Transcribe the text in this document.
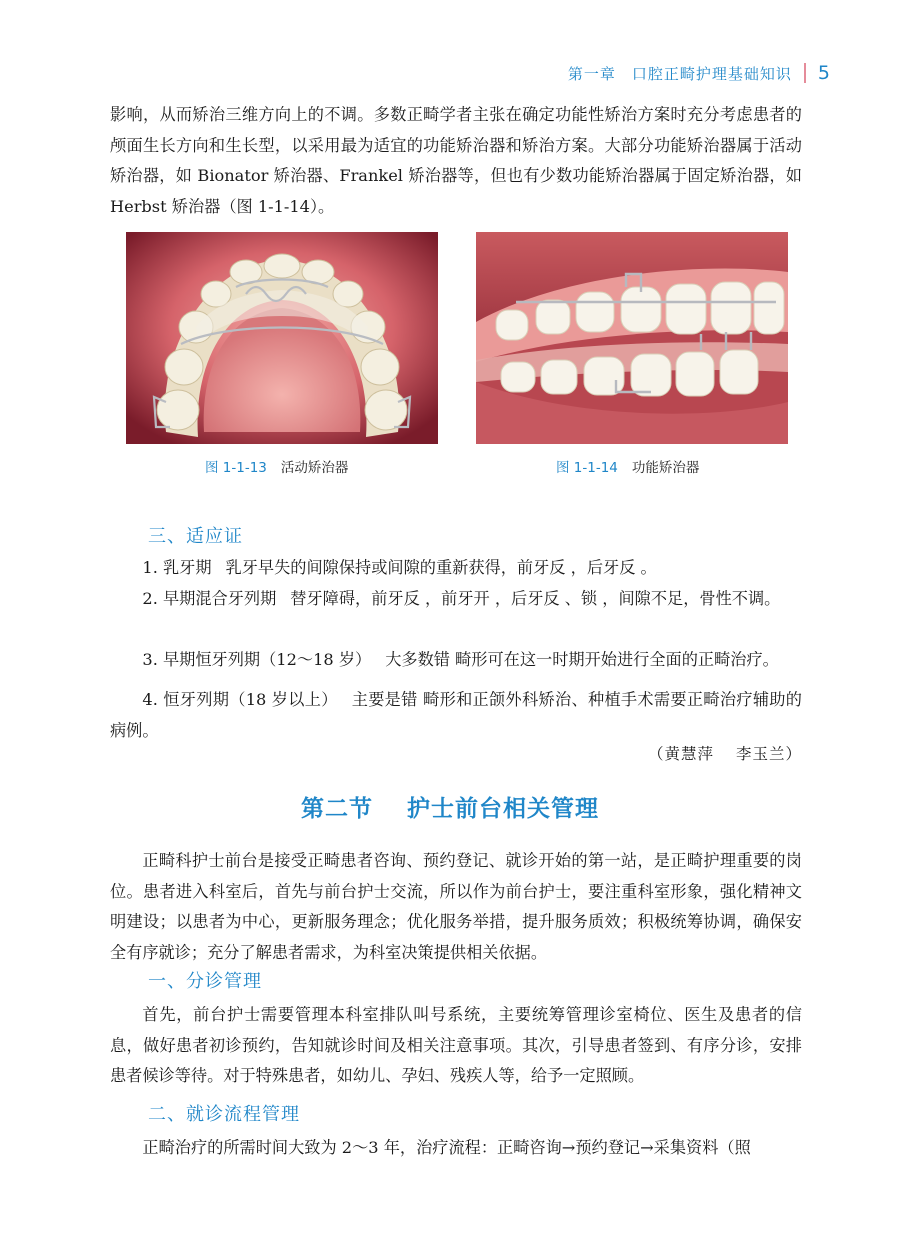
第一章　口腔正畸护理基础知识 5

影响，从而矫治三维方向上的不调。多数正畸学者主张在确定功能性矫治方案时充分考虑患者的颅面生长方向和生长型，以采用最为适宜的功能矫治器和矫治方案。大部分功能矫治器属于活动矫治器，如 Bionator 矫治器、Frankel 矫治器等，但也有少数功能矫治器属于固定矫治器，如 Herbst 矫治器（图 1-1-14）。

图 1-1-13 活动矫治器	图 1-1-14 功能矫治器
三、适应证

1. 乳牙期 乳牙早失的间隙保持或间隙的重新获得，前牙反 ，后牙反 。

2. 早期混合牙列期 替牙障碍，前牙反 ，前牙开 ，后牙反 、锁 ，间隙不足，骨性不调。

3. 早期恒牙列期（12～18 岁） 大多数错 畸形可在这一时期开始进行全面的正畸治疗。

4. 恒牙列期（18 岁以上） 主要是错 畸形和正颌外科矫治、种植手术需要正畸治疗辅助的病例。

（黄慧萍 李玉兰）
第二节 护士前台相关管理

正畸科护士前台是接受正畸患者咨询、预约登记、就诊开始的第一站，是正畸护理重要的岗位。患者进入科室后，首先与前台护士交流，所以作为前台护士，要注重科室形象，强化精神文明建设；以患者为中心，更新服务理念；优化服务举措，提升服务质效；积极统筹协调，确保安全有序就诊；充分了解患者需求，为科室决策提供相关依据。

一、分诊管理

首先，前台护士需要管理本科室排队叫号系统，主要统筹管理诊室椅位、医生及患者的信息，做好患者初诊预约，告知就诊时间及相关注意事项。其次，引导患者签到、有序分诊，安排患者候诊等待。对于特殊患者，如幼儿、孕妇、残疾人等，给予一定照顾。

二、就诊流程管理

正畸治疗的所需时间大致为 2～3 年，治疗流程：正畸咨询→预约登记→采集资料（照
